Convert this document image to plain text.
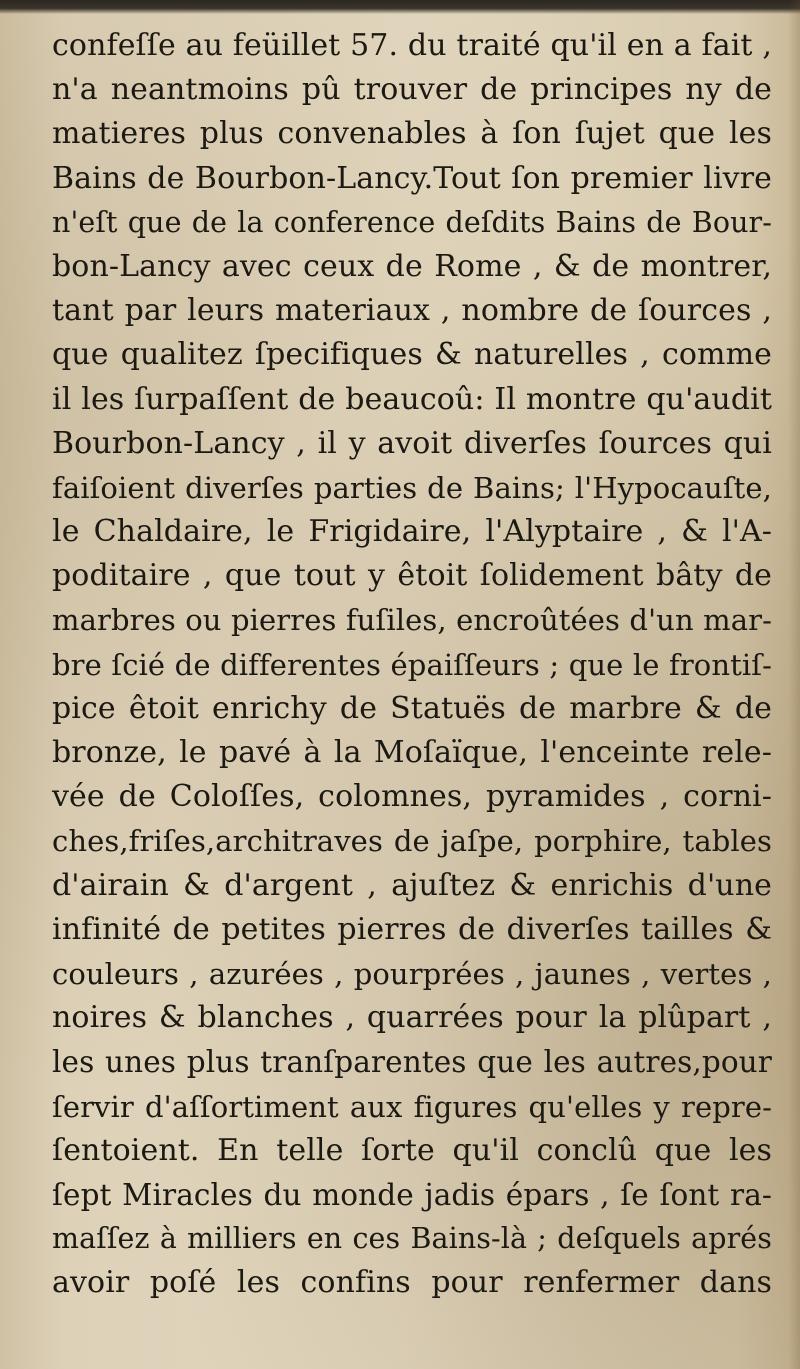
confeſſe au feüillet 57. du traité qu'il en a fait ,
n'a neantmoins pû trouver de principes ny de
matieres plus convenables à ſon ſujet que les
Bains de Bourbon-Lancy.Tout ſon premier livre
n'eſt que de la conference deſdits Bains de Bour-
bon-Lancy avec ceux de Rome , & de montrer,
tant par leurs materiaux , nombre de ſources ,
que qualitez ſpecifiques & naturelles , comme
il les ſurpaſſent de beaucoû: Il montre qu'audit
Bourbon-Lancy , il y avoit diverſes ſources qui
faiſoient diverſes parties de Bains; l'Hypocauſte,
le Chaldaire, le Frigidaire, l'Alyptaire , & l'A-
poditaire , que tout y êtoit ſolidement bâty de
marbres ou pierres fuſiles, encroûtées d'un mar-
bre ſcié de differentes épaiſſeurs ; que le frontiſ-
pice êtoit enrichy de Statuës de marbre & de
bronze, le pavé à la Moſaïque, l'enceinte rele-
vée de Coloſſes, colomnes, pyramides , corni-
ches,friſes,architraves de jaſpe, porphire, tables
d'airain & d'argent , ajuſtez & enrichis d'une
infinité de petites pierres de diverſes tailles &
couleurs , azurées , pourprées , jaunes , vertes ,
noires & blanches , quarrées pour la plûpart ,
les unes plus tranſparentes que les autres,pour
ſervir d'aſſortiment aux figures qu'elles y repre-
ſentoient. En telle ſorte qu'il conclû que les
ſept Miracles du monde jadis épars , ſe ſont ra-
maſſez à milliers en ces Bains-là ; deſquels aprés
avoir poſé les confins pour renfermer dans
